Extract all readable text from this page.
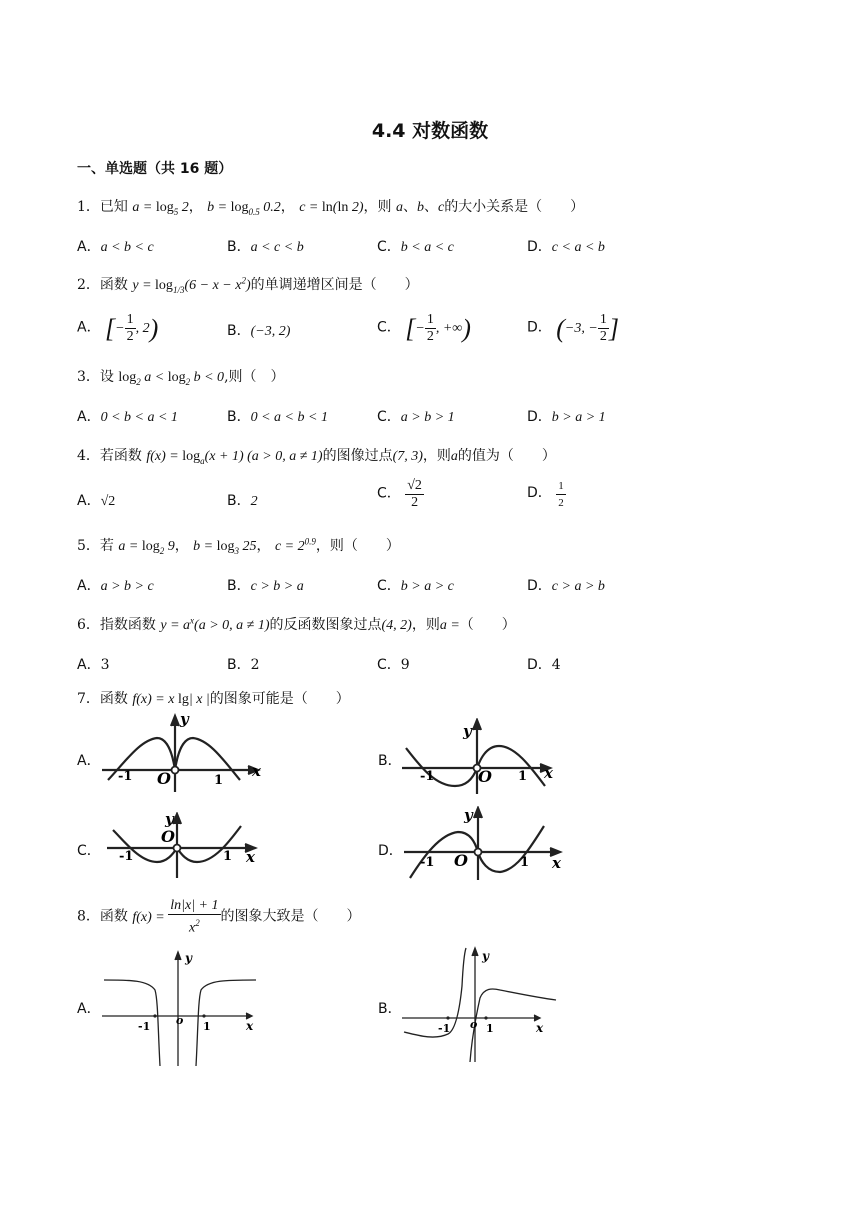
4.4 对数函数
一、单选题（共 16 题）
1．已知 $a = \log_5 2$， $b = \log_{0.5} 0.2$， c = ln(ln 2)，则 a、b、c的大小关系是（　　）
A．a < b < c	B．a < c < b	C．b < a < c	D．c < a < b
2．函数 $y = \log_{1/3}(6 - x - x^2)$的单调递增区间是（　　）
A． [− $\frac{1}{2}$ , 2)	B．(−3, 2)	C． [− $\frac{1}{2}$ , +∞)	D． (−3, − $\frac{1}{2}$ ]
3．设 $\log_2 a < \log_2 b < 0$,则（　）
A．0 < b < a < 1	B．0 < a < b < 1	C．a > b > 1	D．b > a > 1
4．若函数 $f(x) = \log_a(x + 1) (a > 0$, a ≠ 1)的图像过点(7, 3)，则a的值为（　　）
A．√2	B．2	C． $\frac{√2}{2}$	D． $\frac{1}{2}$
5．若 $a = \log_2 9$， $b = \log_3 25$， $c = 2^{0.9}$，则（　　）
A．a > b > c	B．c > b > a	C．b > a > c	D．c > a > b
6．指数函数 $y = a^x(a > 0$, a ≠ 1)的反函数图象过点(4, 2)，则a =（　　）
A．3	B．2	C．9	D．4
7．函数 f(x) = x lg| x |的图象可能是（　　）
A．	B．
C．	D．
y
-1 O	1
x
y
-1	O 1 x
y
-1
O
1 x
y
-1 O	1 x
8．函数 $f(x) = \frac{\ln|x| + 1}{x^2}$ 的图象大致是（　　）
A．	B．
y
-1 o 1	x
y
-1 o 1	x
